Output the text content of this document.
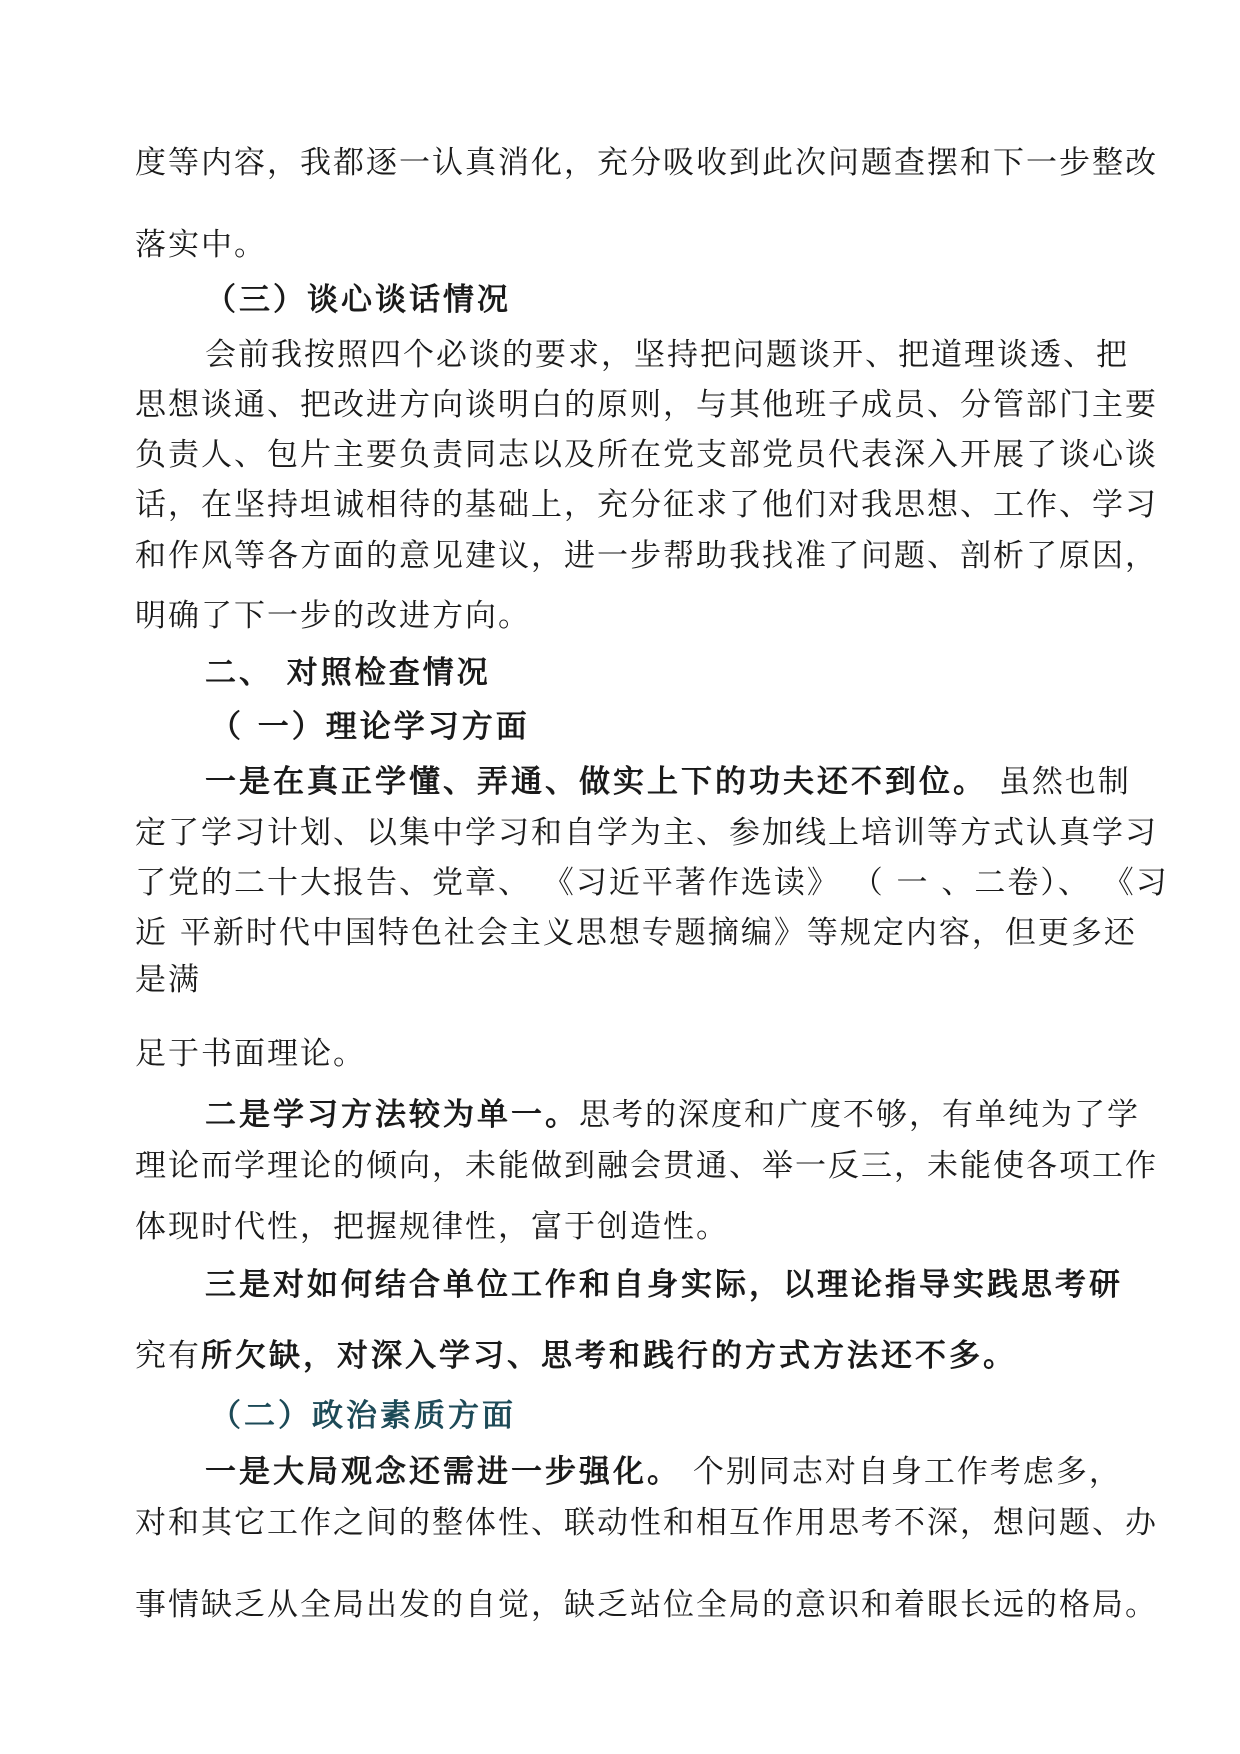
度等内容，我都逐一认真消化，充分吸收到此次问题查摆和下一步整改
落实中。
（三）谈心谈话情况
会前我按照四个必谈的要求，坚持把问题谈开、把道理谈透、把
思想谈通、把改进方向谈明白的原则，与其他班子成员、分管部门主要
负责人、包片主要负责同志以及所在党支部党员代表深入开展了谈心谈
话，在坚持坦诚相待的基础上，充分征求了他们对我思想、工作、学习
和作风等各方面的意见建议，进一步帮助我找准了问题、剖析了原因，
明确了下一步的改进方向。
二、 对照检查情况
（ 一）理论学习方面
一是在真正学懂、弄通、做实上下的功夫还不到位。 虽然也制
定了学习计划、以集中学习和自学为主、参加线上培训等方式认真学习
了党的二十大报告、党章、 《习近平著作选读》 （ 一 、二卷）、 《习
近 平新时代中国特色社会主义思想专题摘编》等规定内容，但更多还
是满
足于书面理论。
二是学习方法较为单一。思考的深度和广度不够，有单纯为了学
理论而学理论的倾向，未能做到融会贯通、举一反三，未能使各项工作
体现时代性，把握规律性，富于创造性。
三是对如何结合单位工作和自身实际，以理论指导实践思考研
究有所欠缺，对深入学习、思考和践行的方式方法还不多。
（二）政治素质方面
一是大局观念还需进一步强化。 个别同志对自身工作考虑多，
对和其它工作之间的整体性、联动性和相互作用思考不深，想问题、办
事情缺乏从全局出发的自觉，缺乏站位全局的意识和着眼长远的格局。
